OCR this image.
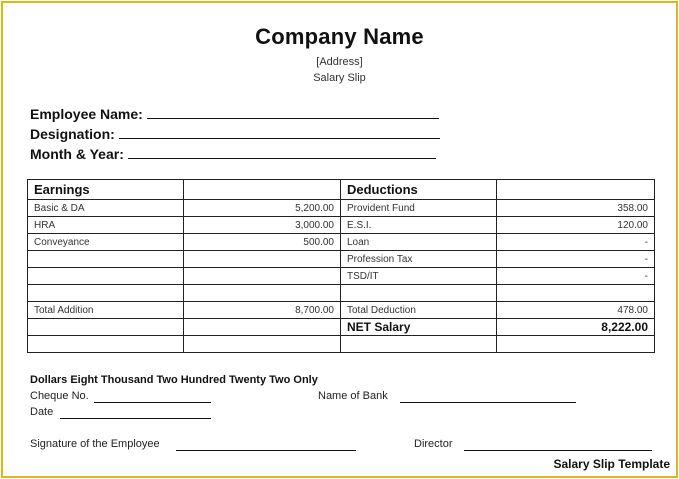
Company Name
[Address]
Salary Slip
Employee Name:
Designation:
Month & Year:
Earnings		Deductions	
Basic & DA	5,200.00	Provident Fund	358.00
HRA	3,000.00	E.S.I.	120.00
Conveyance	500.00	Loan	-
		Profession Tax	-
		TSD/IT	-

Total Addition	8,700.00	Total Deduction	478.00
		NET Salary	8,222.00

Dollars Eight Thousand Two Hundred Twenty Two Only
Cheque No.	Name of Bank
Date
Signature of the Employee	Director
Salary Slip Template
